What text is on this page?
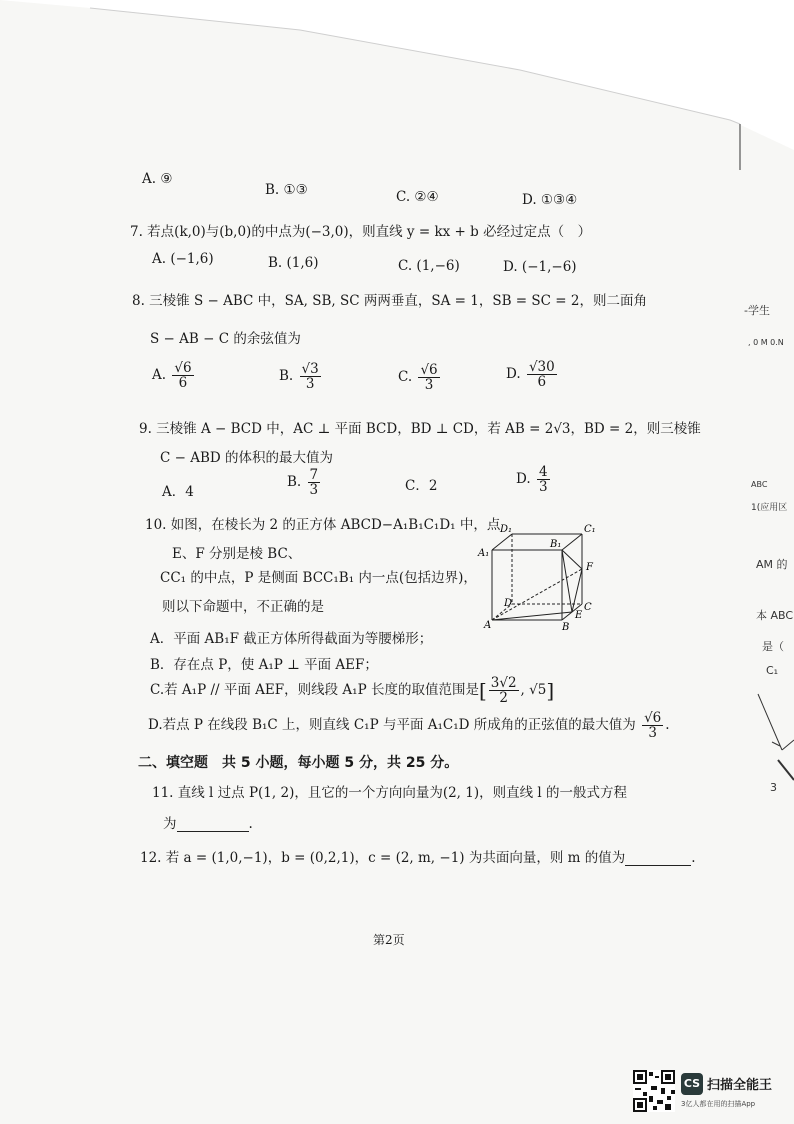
A. ⑨
B. ①③	C. ②④	D. ①③④
7. 若点(k,0)与(b,0)的中点为(−3,0)，则直线 y = kx + b 必经过定点（　）
A. (−1,6)	B. (1,6)	C. (1,−6)	D. (−1,−6)
8. 三棱锥 S − ABC 中，SA, SB, SC 两两垂直，SA = 1，SB = SC = 2，则二面角
S − AB − C 的余弦值为
A. $\frac{√6}{6}$	B. $\frac{√3}{3}$	C. $\frac{√6}{3}$	D. $\frac{√30}{6}$
9. 三棱锥 A − BCD 中，AC ⊥ 平面 BCD，BD ⊥ CD，若 AB = 2√3，BD = 2，则三棱锥
C − ABD 的体积的最大值为
A．4
B. $\frac{7}{3}$	C．2	D. $\frac{4}{3}$
10. 如图，在棱长为 2 的正方体 ABCD−A₁B₁C₁D₁ 中，点
E、F 分别是棱 BC、
CC₁ 的中点，P 是侧面 BCC₁B₁ 内一点(包括边界)，
则以下命题中，不正确的是
A．平面 AB₁F 截正方体所得截面为等腰梯形；
B．存在点 P，使 A₁P ⊥ 平面 AEF；
C.若 A₁P // 平面 AEF，则线段 A₁P 长度的取值范围是[ $\frac{3√2}{2}$ , √5]
D.若点 P 在线段 B₁C 上，则直线 C₁P 与平面 A₁C₁D 所成角的正弦值的最大值为 $\frac{√6}{3}$ .
D₁	C₁
A₁
B₁
F
D	C
E
A	B
二、填空题　共 5 小题，每小题 5 分，共 25 分。
11. 直线 l 过点 P(1, 2)，且它的一个方向向量为(2, 1)，则直线 l 的一般式方程
为	.
12. 若 a = (1,0,−1)，b = (0,2,1)，c = (2, m, −1) 为共面向量，则 m 的值为	.
第2页
-学生
, 0 M 0.N
ABC
1(应用区
AM 的
本 ABC
是（
C₁
3
CS 扫描全能王
3亿人都在用的扫描App
